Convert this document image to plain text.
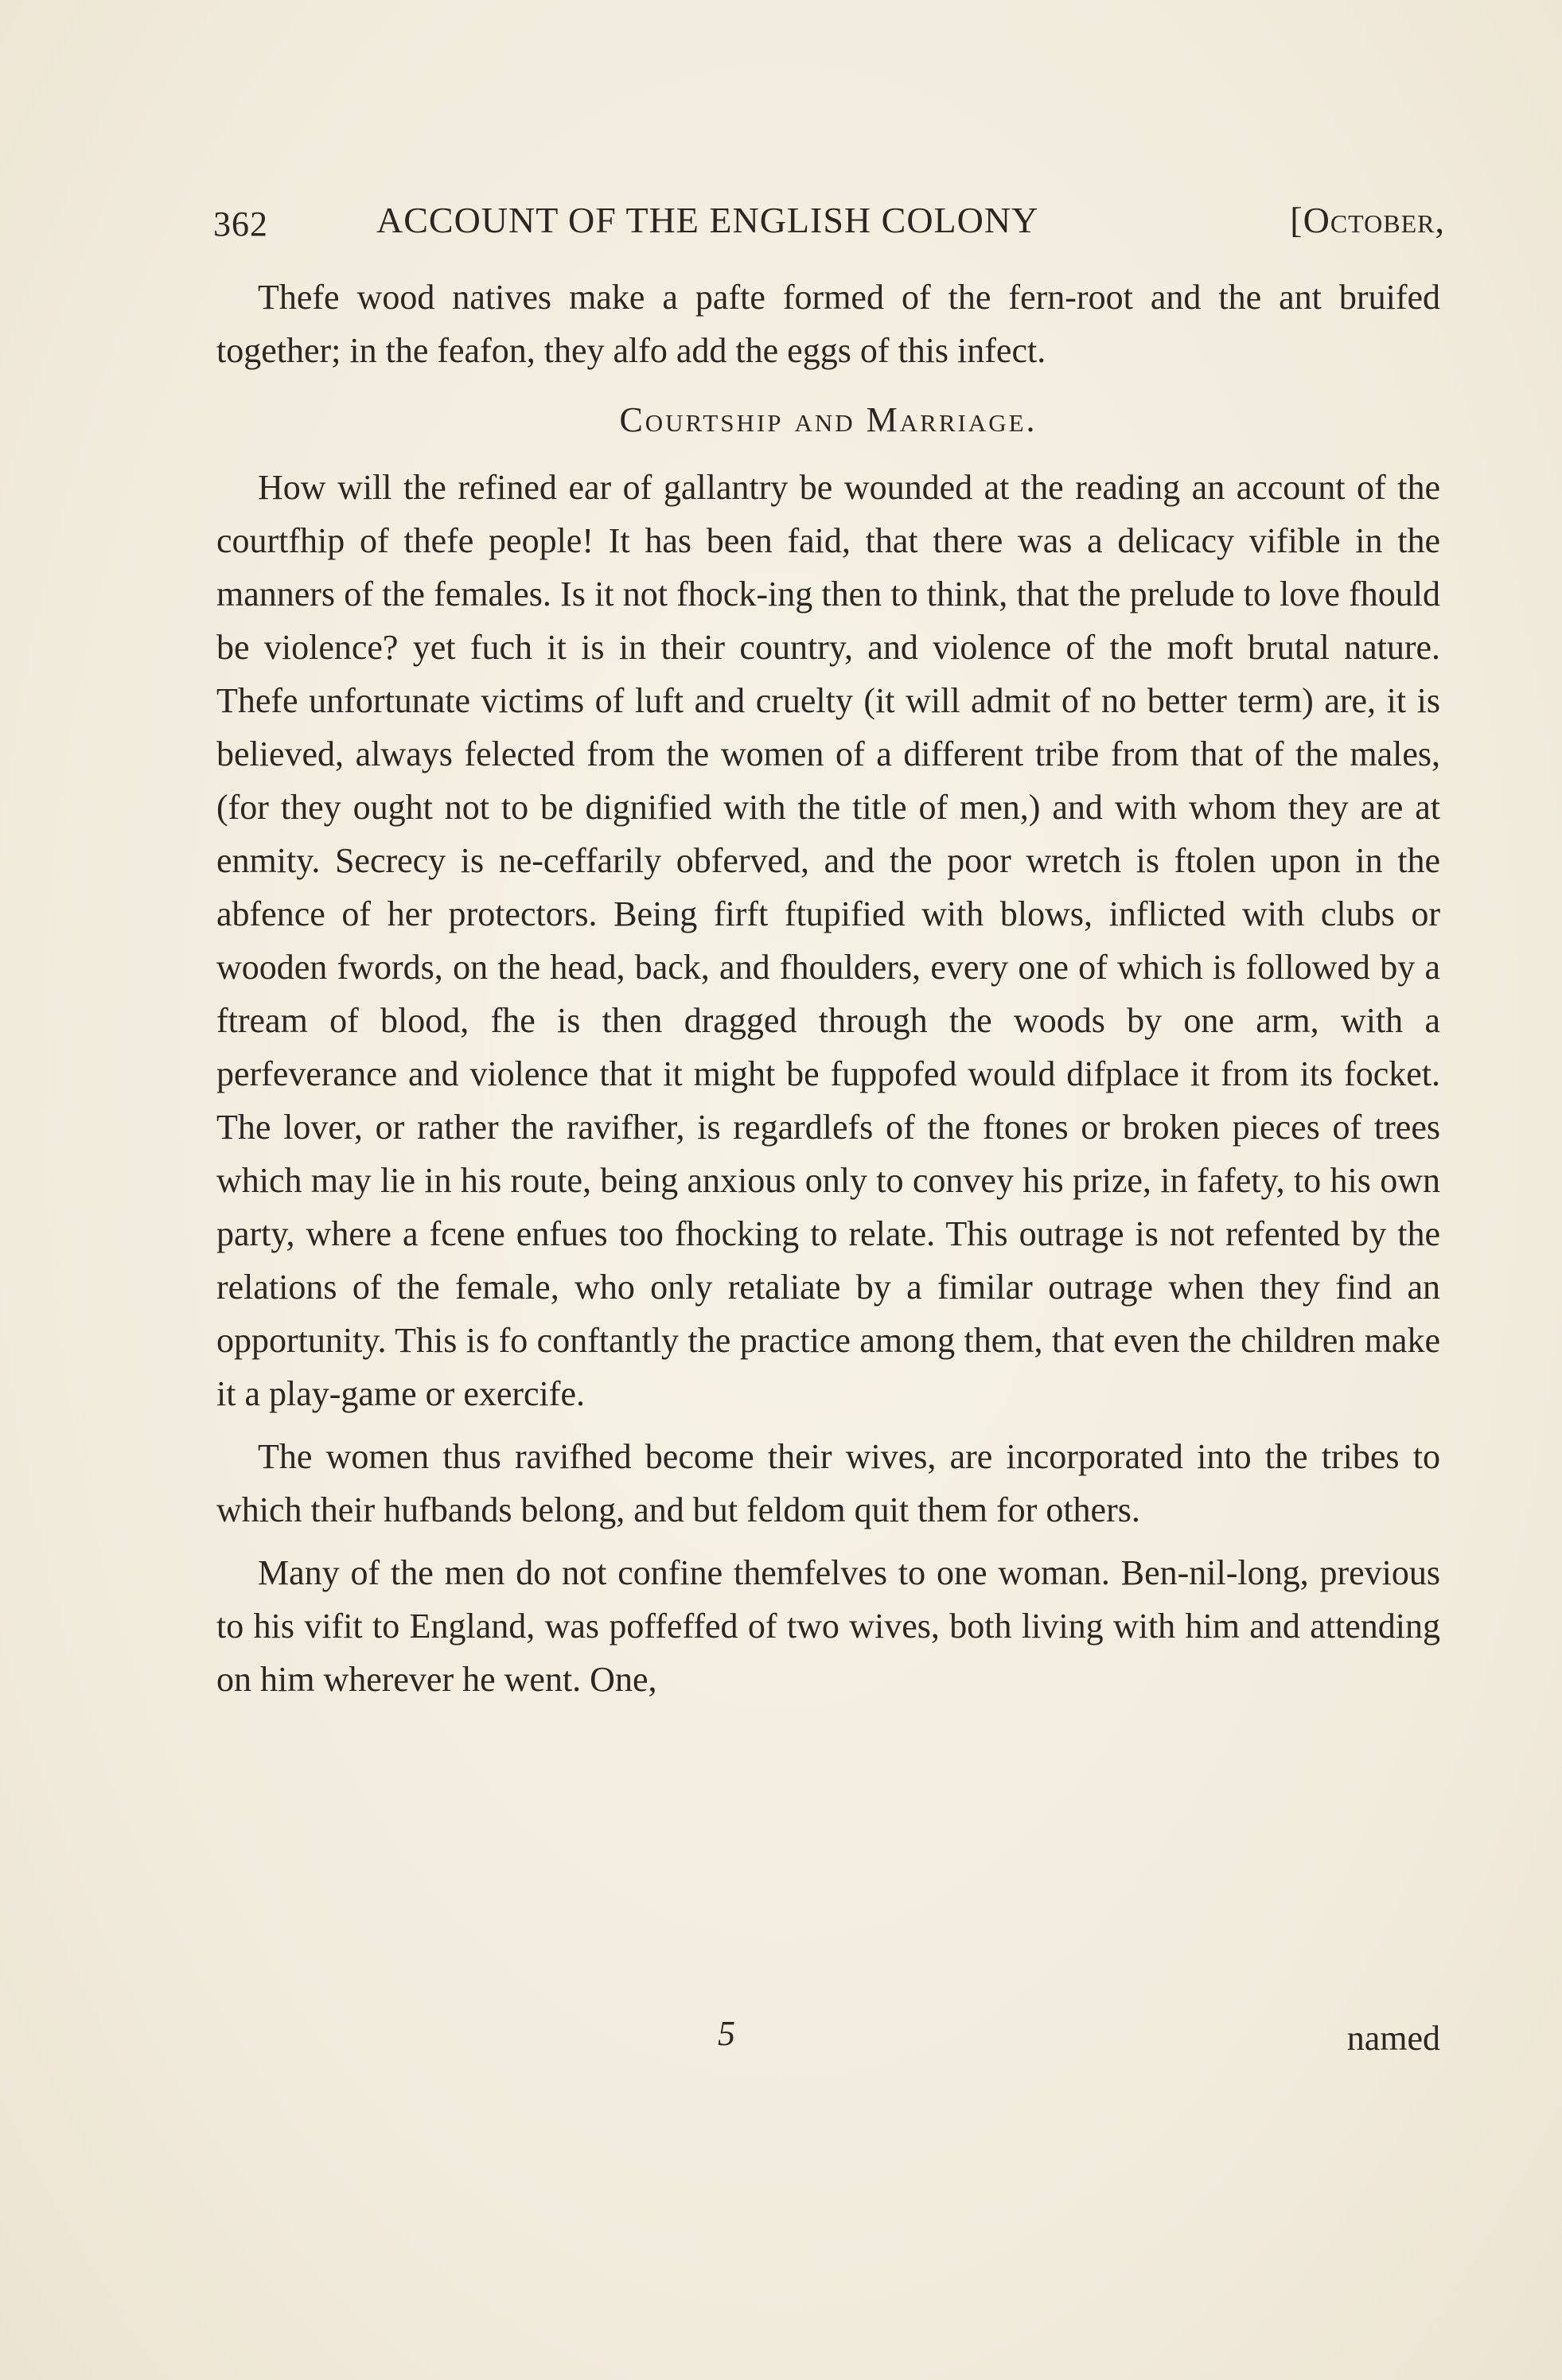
362	ACCOUNT OF THE ENGLISH COLONY	[October,

Thefe wood natives make a pafte formed of the fern-root and the ant bruifed together; in the feafon, they alfo add the eggs of this infect.

Courtship and Marriage.

How will the refined ear of gallantry be wounded at the reading an account of the courtfhip of thefe people! It has been faid, that there was a delicacy vifible in the manners of the females. Is it not fhock-ing then to think, that the prelude to love fhould be violence? yet fuch it is in their country, and violence of the moft brutal nature. Thefe unfortunate victims of luft and cruelty (it will admit of no better term) are, it is believed, always felected from the women of a different tribe from that of the males, (for they ought not to be dignified with the title of men,) and with whom they are at enmity. Secrecy is ne-ceffarily obferved, and the poor wretch is ftolen upon in the abfence of her protectors. Being firft ftupified with blows, inflicted with clubs or wooden fwords, on the head, back, and fhoulders, every one of which is followed by a ftream of blood, fhe is then dragged through the woods by one arm, with a perfeverance and violence that it might be fuppofed would difplace it from its focket. The lover, or rather the ravifher, is regardlefs of the ftones or broken pieces of trees which may lie in his route, being anxious only to convey his prize, in fafety, to his own party, where a fcene enfues too fhocking to relate. This outrage is not refented by the relations of the female, who only retaliate by a fimilar outrage when they find an opportunity. This is fo conftantly the practice among them, that even the children make it a play-game or exercife.

The women thus ravifhed become their wives, are incorporated into the tribes to which their hufbands belong, and but feldom quit them for others.

Many of the men do not confine themfelves to one woman. Ben-nil-long, previous to his vifit to England, was poffeffed of two wives, both living with him and attending on him wherever he went. One,

5	named
